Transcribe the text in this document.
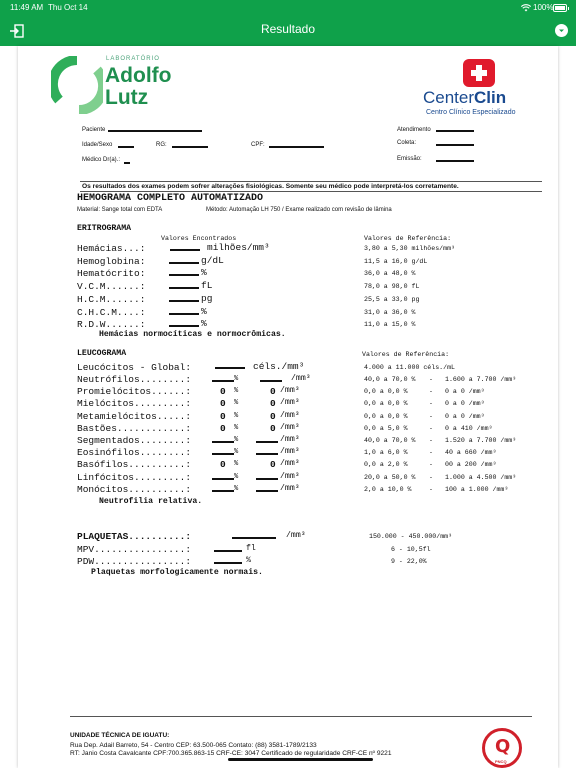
11:49 AM Thu Oct 14	100%
Resultado
LABORATÓRIO
Adolfo
Lutz	CenterClin
Centro Clínico Especializado
Paciente
Idade/Sexo	RG:	CPF:
Médico Dr(a).:
Atendimento
Coleta:
Emissão:
Os resultados dos exames podem sofrer alterações fisiológicas. Somente seu médico pode interpretá-los corretamente.
HEMOGRAMA COMPLETO AUTOMATIZADO
Material: Sange total com EDTA	Método: Automação LH 750 / Exame realizado com revisão de lâmina
ERITROGRAMA
Valores Encontrados	Valores de Referência:
Hemácias...:	milhões/mm³	3,80 a 5,30 milhões/mm³
Hemoglobina:	g/dL	11,5 a 16,0 g/dL
Hematócrito:	%	36,0 a 48,0 %
V.C.M......:	fL	78,0 a 98,0 fL
H.C.M......:	pg	25,5 a 33,0 pg
C.H.C.M....:	%	31,0 a 36,0 %
R.D.W......:	%	11,0 a 15,0 %
Hemácias normocíticas e normocrômicas.
LEUCOGRAMA	Valores de Referência:
Leucócitos - Global:	céls./mm³	4.000 a 11.000 céls./mL
Neutrófilos........:	%	/mm³	40,0 a 70,0 % - 1.600 a 7.700 /mm³
Promielócitos......:	0 %	0 /mm³	0,0 a 0,0 %	- 0 a 0 /mm³
Mielócitos.........:	0 %	0 /mm³	0,0 a 0,0 %	- 0 a 0 /mm³
Metamielócitos.....:	0 %	0 /mm³	0,0 a 0,0 %	- 0 a 0 /mm³
Bastões............:	0 %	0 /mm³	0,0 a 5,0 %	- 0 a 410 /mm³
Segmentados........:	%	/mm³	40,0 a 70,0 % - 1.520 a 7.700 /mm³
Eosinófilos........:	%	/mm³	1,0 a 6,0 %	- 40 a 660 /mm³
Basófilos..........:	0 %	0 /mm³	0,0 a 2,0 %	- 00 a 200 /mm³
Linfócitos.........:	%	/mm³	20,0 a 50,0 % - 1.000 a 4.500 /mm³
Monócitos..........:	%	/mm³	2,0 a 10,0 %	- 100 a 1.000 /mm³
Neutrofilia relativa.
PLAQUETAS..........:	/mm³	150.000 - 450.000/mm³
MPV................:	fl	6 - 10,5fl
PDW................:	%	9 - 22,0%
Plaquetas morfologicamente normais.
UNIDADE TÉCNICA DE IGUATU:
Rua Dep. Adail Barreto, 54 - Centro CEP: 63.500-065 Contato: (88) 3581-1789/2133
RT: Janio Costa Cavalcante CPF:700.365.863-15 CRF-CE: 3047 Certificado de regularidade CRF-CE nº 9221
Q
PNCQ
